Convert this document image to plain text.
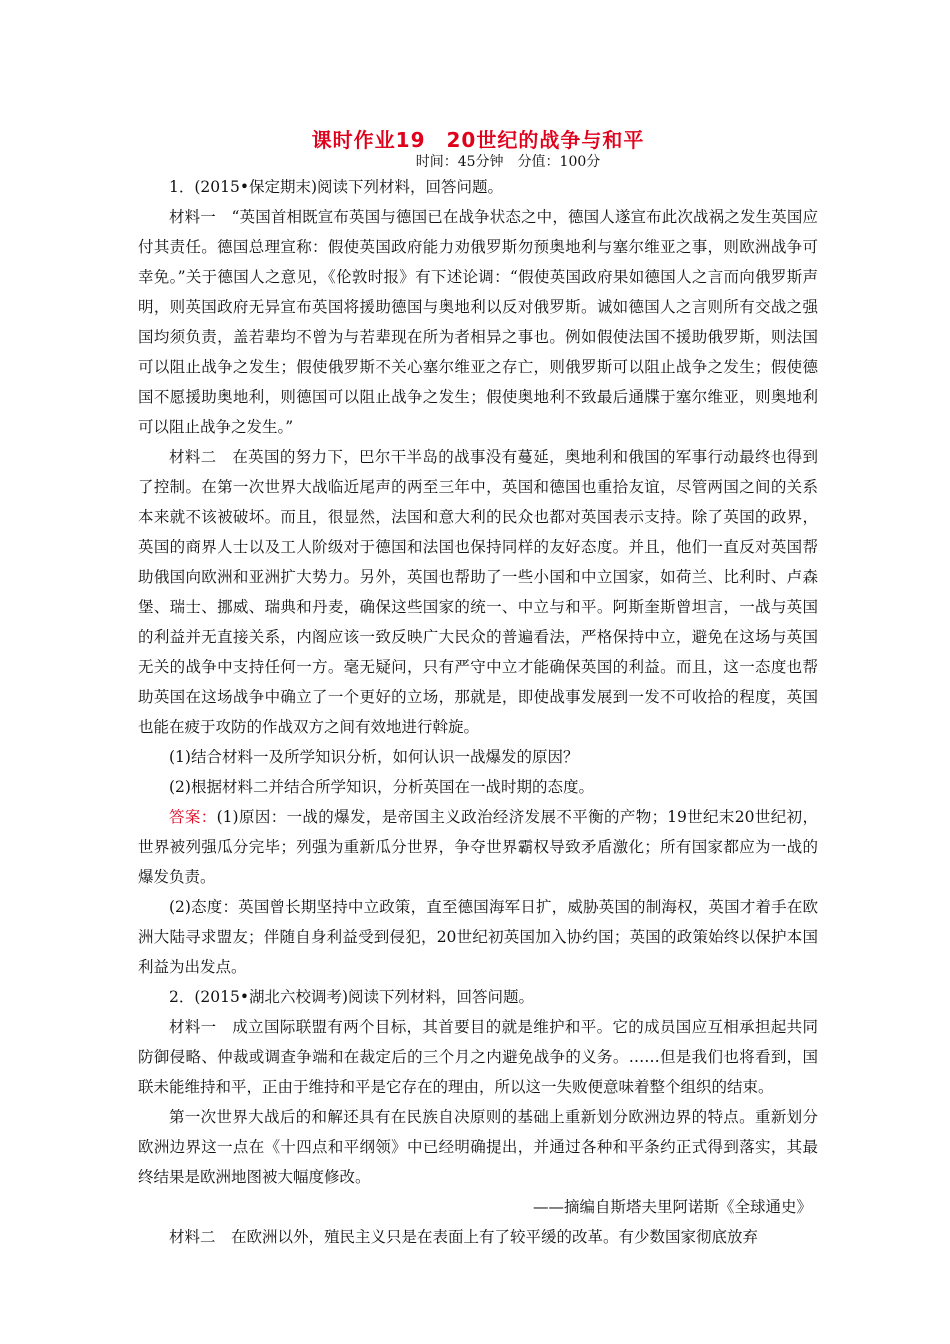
课时作业19　20世纪的战争与和平
时间：45分钟　分值：100分

1．(2015•保定期末)阅读下列材料，回答问题。

材料一　“英国首相既宣布英国与德国已在战争状态之中，德国人遂宣布此次战祸之发生英国应付其责任。德国总理宣称：假使英国政府能力劝俄罗斯勿预奥地利与塞尔维亚之事，则欧洲战争可幸免。”关于德国人之意见，《伦敦时报》有下述论调：“假使英国政府果如德国人之言而向俄罗斯声明，则英国政府无异宣布英国将援助德国与奥地利以反对俄罗斯。诚如德国人之言则所有交战之强国均须负责，盖若辈均不曾为与若辈现在所为者相异之事也。例如假使法国不援助俄罗斯，则法国可以阻止战争之发生；假使俄罗斯不关心塞尔维亚之存亡，则俄罗斯可以阻止战争之发生；假使德国不愿援助奥地利，则德国可以阻止战争之发生；假使奥地利不致最后通牒于塞尔维亚，则奥地利可以阻止战争之发生。”

材料二　在英国的努力下，巴尔干半岛的战事没有蔓延，奥地利和俄国的军事行动最终也得到了控制。在第一次世界大战临近尾声的两至三年中，英国和德国也重拾友谊，尽管两国之间的关系本来就不该被破坏。而且，很显然，法国和意大利的民众也都对英国表示支持。除了英国的政界，英国的商界人士以及工人阶级对于德国和法国也保持同样的友好态度。并且，他们一直反对英国帮助俄国向欧洲和亚洲扩大势力。另外，英国也帮助了一些小国和中立国家，如荷兰、比利时、卢森堡、瑞士、挪威、瑞典和丹麦，确保这些国家的统一、中立与和平。阿斯奎斯曾坦言，一战与英国的利益并无直接关系，内阁应该一致反映广大民众的普遍看法，严格保持中立，避免在这场与英国无关的战争中支持任何一方。毫无疑问，只有严守中立才能确保英国的利益。而且，这一态度也帮助英国在这场战争中确立了一个更好的立场，那就是，即使战事发展到一发不可收拾的程度，英国也能在疲于攻防的作战双方之间有效地进行斡旋。

(1)结合材料一及所学知识分析，如何认识一战爆发的原因？

(2)根据材料二并结合所学知识，分析英国在一战时期的态度。

答案：(1)原因：一战的爆发，是帝国主义政治经济发展不平衡的产物；19世纪末20世纪初，世界被列强瓜分完毕；列强为重新瓜分世界，争夺世界霸权导致矛盾激化；所有国家都应为一战的爆发负责。

(2)态度：英国曾长期坚持中立政策，直至德国海军日扩，威胁英国的制海权，英国才着手在欧洲大陆寻求盟友；伴随自身利益受到侵犯，20世纪初英国加入协约国；英国的政策始终以保护本国利益为出发点。

2．(2015•湖北六校调考)阅读下列材料，回答问题。

材料一　成立国际联盟有两个目标，其首要目的就是维护和平。它的成员国应互相承担起共同防御侵略、仲裁或调查争端和在裁定后的三个月之内避免战争的义务。……但是我们也将看到，国联未能维持和平，正由于维持和平是它存在的理由，所以这一失败便意味着整个组织的结束。

第一次世界大战后的和解还具有在民族自决原则的基础上重新划分欧洲边界的特点。重新划分欧洲边界这一点在《十四点和平纲领》中已经明确提出，并通过各种和平条约正式得到落实，其最终结果是欧洲地图被大幅度修改。

——摘编自斯塔夫里阿诺斯《全球通史》

材料二　在欧洲以外，殖民主义只是在表面上有了较平缓的改革。有少数国家彻底放弃
